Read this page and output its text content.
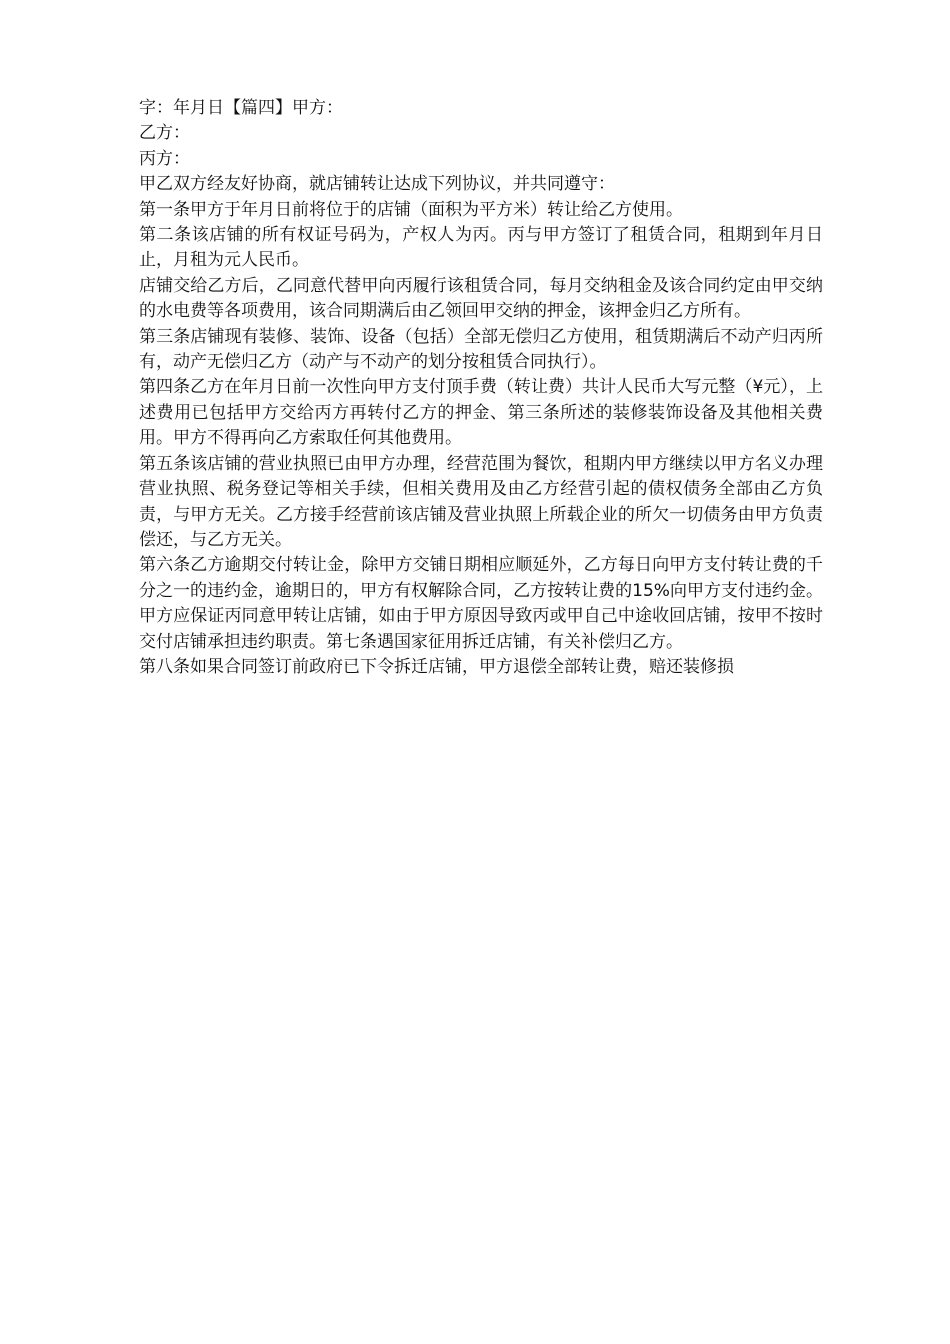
字：年月日【篇四】甲方：

乙方：

丙方：

甲乙双方经友好协商，就店铺转让达成下列协议，并共同遵守：

第一条甲方于年月日前将位于的店铺（面积为平方米）转让给乙方使用。

第二条该店铺的所有权证号码为，产权人为丙。丙与甲方签订了租赁合同，租期到年月日止，月租为元人民币。

店铺交给乙方后，乙同意代替甲向丙履行该租赁合同，每月交纳租金及该合同约定由甲交纳的水电费等各项费用，该合同期满后由乙领回甲交纳的押金，该押金归乙方所有。

第三条店铺现有装修、装饰、设备（包括）全部无偿归乙方使用，租赁期满后不动产归丙所有，动产无偿归乙方（动产与不动产的划分按租赁合同执行）。

第四条乙方在年月日前一次性向甲方支付顶手费（转让费）共计人民币大写元整（¥元），上述费用已包括甲方交给丙方再转付乙方的押金、第三条所述的装修装饰设备及其他相关费用。甲方不得再向乙方索取任何其他费用。

第五条该店铺的营业执照已由甲方办理，经营范围为餐饮，租期内甲方继续以甲方名义办理营业执照、税务登记等相关手续，但相关费用及由乙方经营引起的债权债务全部由乙方负责，与甲方无关。乙方接手经营前该店铺及营业执照上所载企业的所欠一切债务由甲方负责偿还，与乙方无关。

第六条乙方逾期交付转让金，除甲方交铺日期相应顺延外，乙方每日向甲方支付转让费的千分之一的违约金，逾期日的，甲方有权解除合同，乙方按转让费的15%向甲方支付违约金。甲方应保证丙同意甲转让店铺，如由于甲方原因导致丙或甲自己中途收回店铺，按甲不按时交付店铺承担违约职责。第七条遇国家征用拆迁店铺，有关补偿归乙方。

第八条如果合同签订前政府已下令拆迁店铺，甲方退偿全部转让费，赔还装修损
